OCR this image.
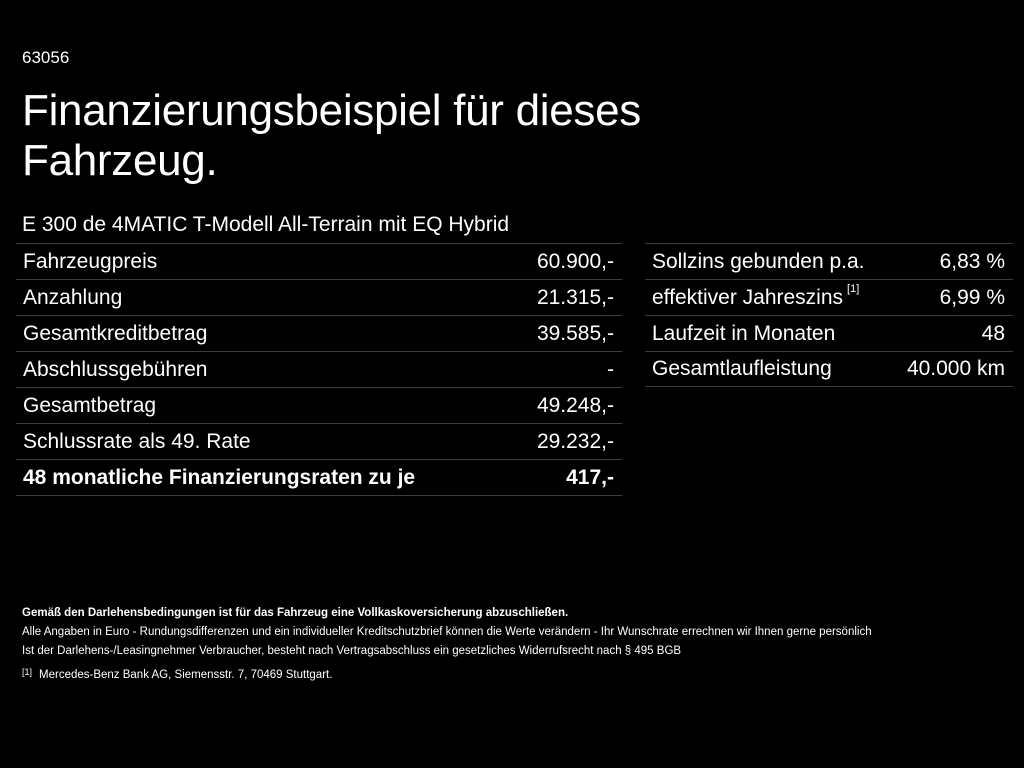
63056
Finanzierungsbeispiel für dieses Fahrzeug.
E 300 de 4MATIC T-Modell All-Terrain mit EQ Hybrid
Fahrzeugpreis	60.900,-
Anzahlung	21.315,-
Gesamtkreditbetrag	39.585,-
Abschlussgebühren	-
Gesamtbetrag	49.248,-
Schlussrate als 49. Rate	29.232,-
48 monatliche Finanzierungsraten zu je	417,-
Sollzins gebunden p.a.	6,83 %
effektiver Jahreszins [1]	6,99 %
Laufzeit in Monaten	48
Gesamtlaufleistung	40.000 km
Gemäß den Darlehensbedingungen ist für das Fahrzeug eine Vollkaskoversicherung abzuschließen.
Alle Angaben in Euro - Rundungsdifferenzen und ein individueller Kreditschutzbrief können die Werte verändern - Ihr Wunschrate errechnen wir Ihnen gerne persönlich
Ist der Darlehens-/Leasingnehmer Verbraucher, besteht nach Vertragsabschluss ein gesetzliches Widerrufsrecht nach § 495 BGB
[1] Mercedes-Benz Bank AG, Siemensstr. 7, 70469 Stuttgart.
